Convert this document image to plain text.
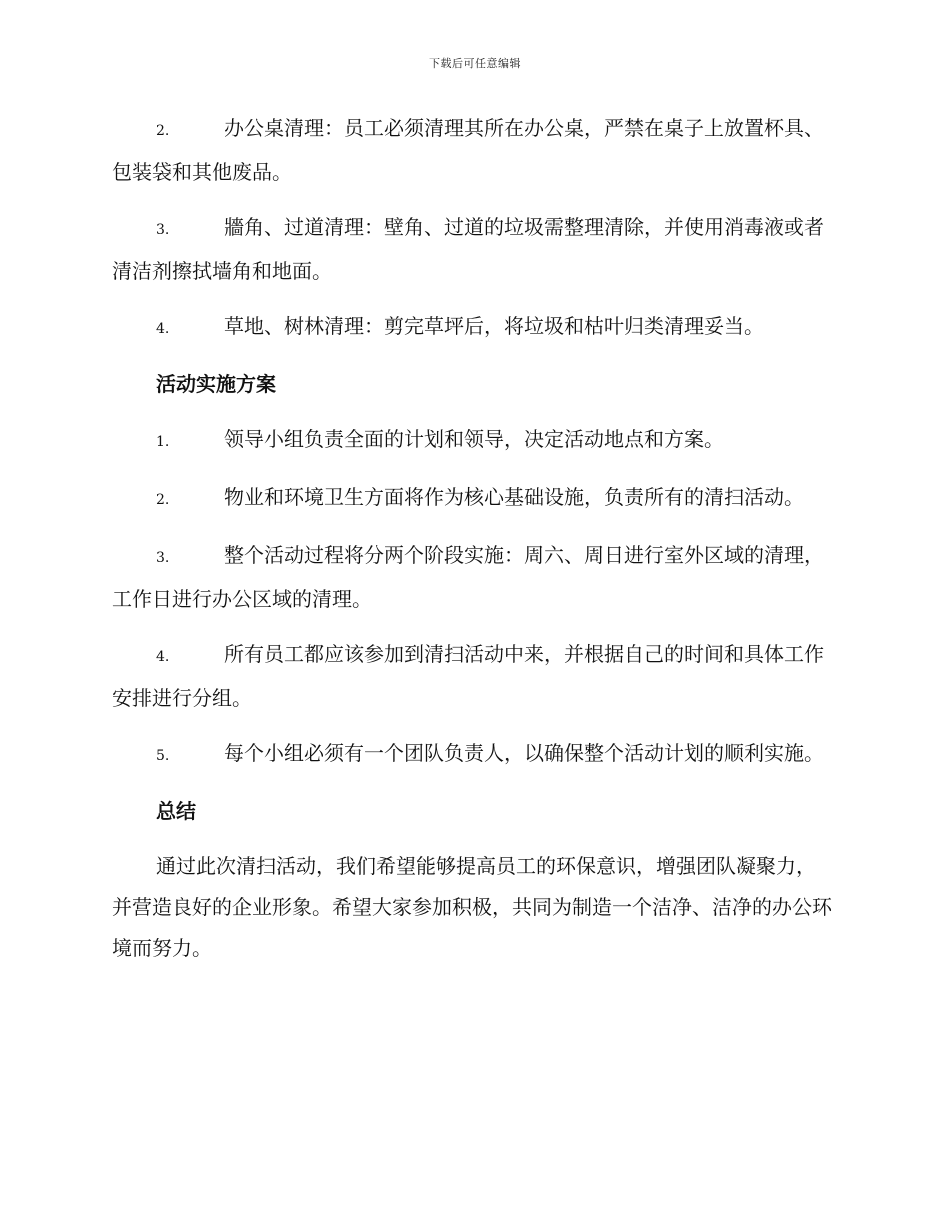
下载后可任意编辑

2.	办公桌清理：员工必须清理其所在办公桌，严禁在桌子上放置杯具、包装袋和其他废品。

3.	牆角、过道清理：壁角、过道的垃圾需整理清除，并使用消毒液或者清洁剂擦拭墙角和地面。

4.	草地、树林清理：剪完草坪后，将垃圾和枯叶归类清理妥当。

活动实施方案

1.	领导小组负责全面的计划和领导，决定活动地点和方案。

2.	物业和环境卫生方面将作为核心基础设施，负责所有的清扫活动。

3.	整个活动过程将分两个阶段实施：周六、周日进行室外区域的清理，工作日进行办公区域的清理。

4.	所有员工都应该参加到清扫活动中来，并根据自己的时间和具体工作安排进行分组。

5.	每个小组必须有一个团队负责人，以确保整个活动计划的顺利实施。

总结

通过此次清扫活动，我们希望能够提高员工的环保意识，增强团队凝聚力，并营造良好的企业形象。希望大家参加积极，共同为制造一个洁净、洁净的办公环境而努力。
